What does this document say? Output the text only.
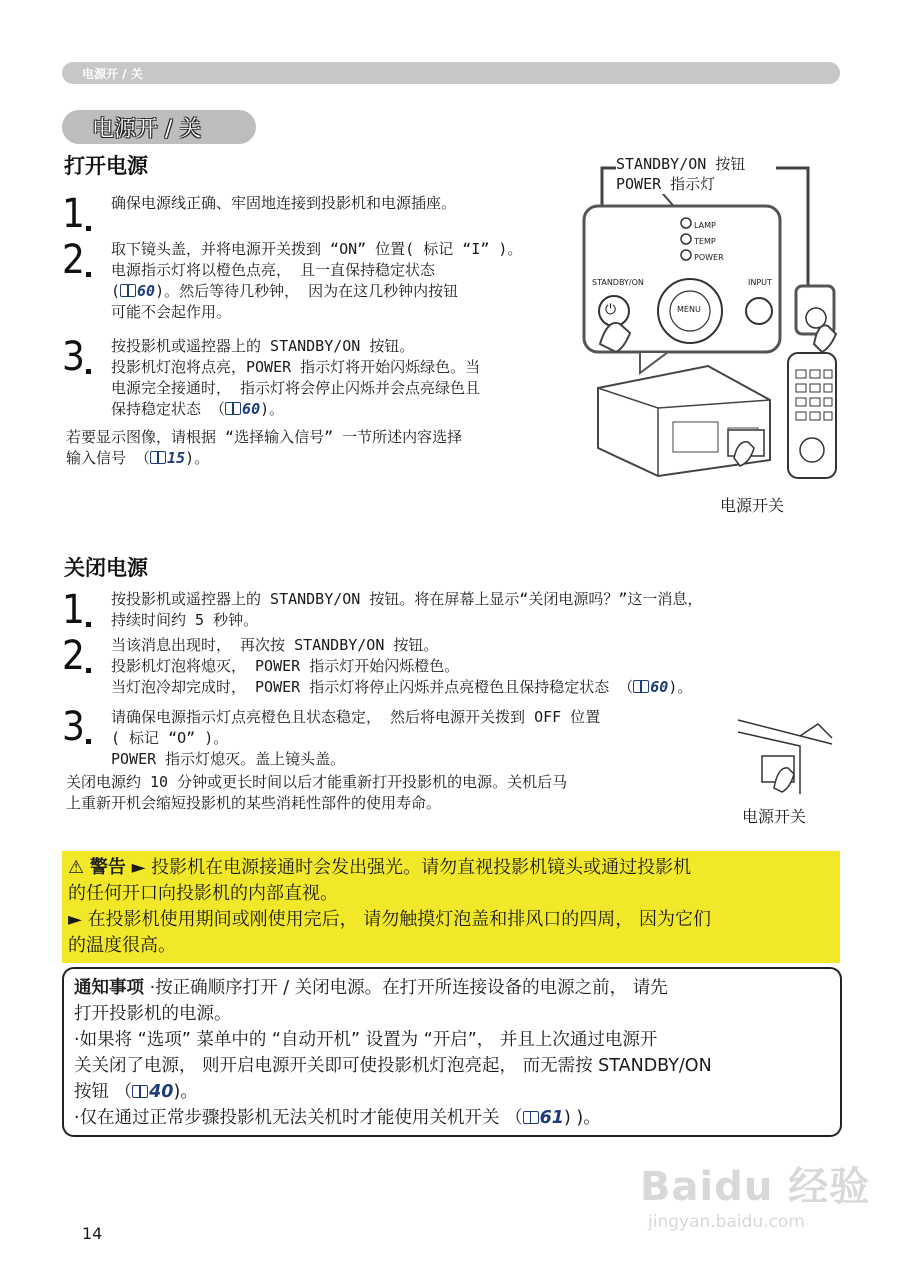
电源开 / 关
电源开 / 关
打开电源
1 确保电源线正确、牢固地连接到投影机和电源插座。
2 取下镜头盖，并将电源开关拨到 “ON” 位置( 标记 “I” )。
电源指示灯将以橙色点亮， 且一直保持稳定状态
( 60)。然后等待几秒钟， 因为在这几秒钟内按钮
可能不会起作用。
3 按投影机或遥控器上的 STANDBY/ON 按钮。
投影机灯泡将点亮，POWER 指示灯将开始闪烁绿色。当
电源完全接通时， 指示灯将会停止闪烁并会点亮绿色且
保持稳定状态 （ 60)。
若要显示图像，请根据 “选择输入信号” 一节所述内容选择
输入信号 （ 15)。
STANDBY/ON 按钮
POWER 指示灯
LAMP
TEMP
POWER
STANDBY/ON
⏻	MENU
INPUT
电源开关
关闭电源
1 按投影机或遥控器上的 STANDBY/ON 按钮。将在屏幕上显示“关闭电源吗？”这一消息，
持续时间约 5 秒钟。
2 当该消息出现时， 再次按 STANDBY/ON 按钮。
投影机灯泡将熄灭， POWER 指示灯开始闪烁橙色。
当灯泡冷却完成时， POWER 指示灯将停止闪烁并点亮橙色且保持稳定状态 （ 60)。
3 请确保电源指示灯点亮橙色且状态稳定， 然后将电源开关拨到 OFF 位置
( 标记 “O” )。
POWER 指示灯熄灭。盖上镜头盖。
关闭电源约 10 分钟或更长时间以后才能重新打开投影机的电源。关机后马
上重新开机会缩短投影机的某些消耗性部件的使用寿命。
电源开关
⚠ 警告 ► 投影机在电源接通时会发出强光。请勿直视投影机镜头或通过投影机
的任何开口向投影机的内部直视。
► 在投影机使用期间或刚使用完后， 请勿触摸灯泡盖和排风口的四周， 因为它们
的温度很高。
通知事项 ·按正确顺序打开 / 关闭电源。在打开所连接设备的电源之前， 请先
打开投影机的电源。
·如果将 “选项” 菜单中的 “自动开机” 设置为 “开启”， 并且上次通过电源开
关关闭了电源， 则开启电源开关即可使投影机灯泡亮起， 而无需按 STANDBY/ON
按钮 （ 40)。
·仅在通过正常步骤投影机无法关机时才能使用关机开关 （ 61) )。
Baidu 经验
jingyan.baidu.com
14
